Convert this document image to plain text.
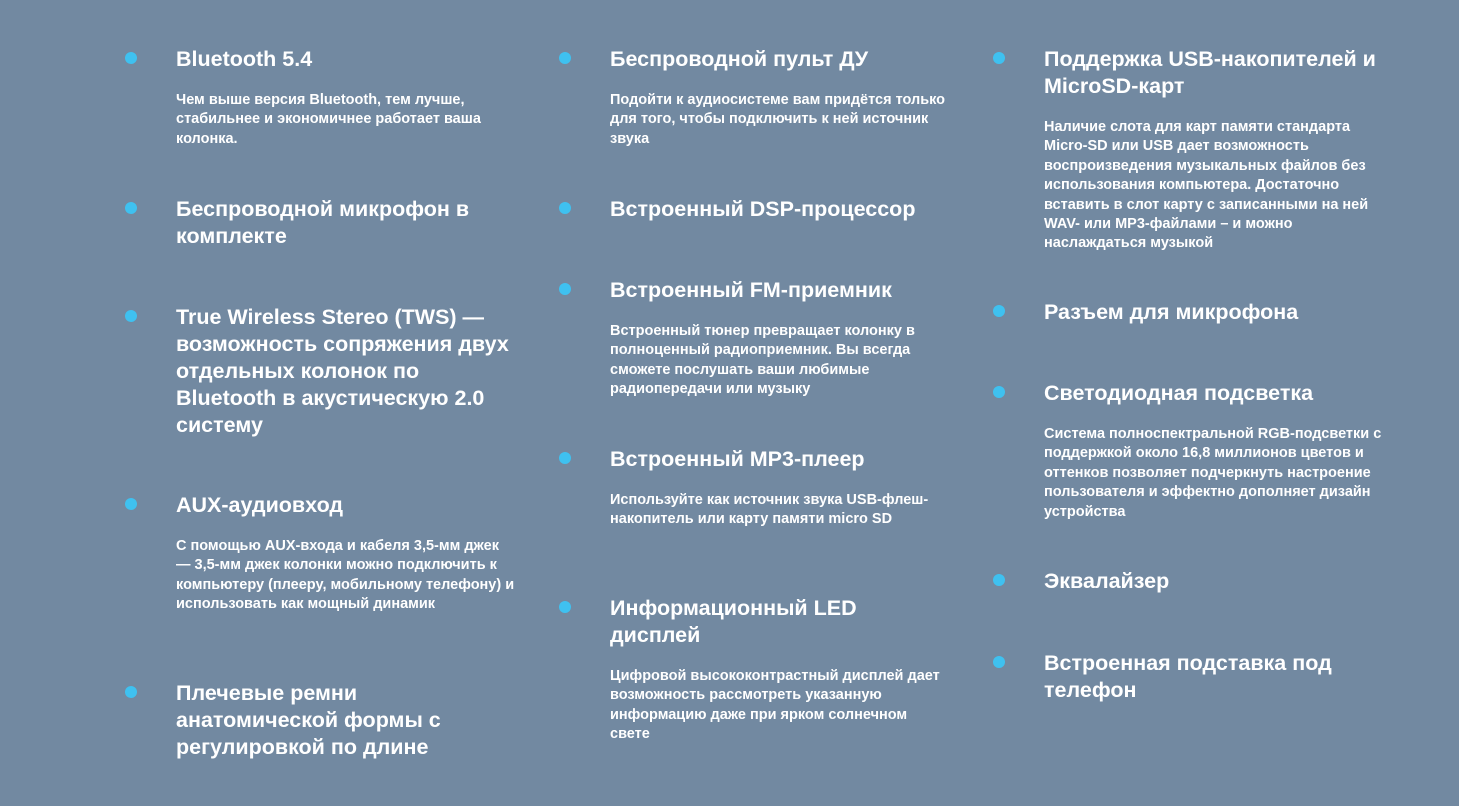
Bluetooth 5.4

Чем выше версия Bluetooth, тем лучше, стабильнее и экономичнее работает ваша колонка.

Беспроводной микрофон в комплекте
True Wireless Stereo (TWS) — возможность сопряжения двух отдельных колонок по Bluetooth в акустическую 2.0 систему
AUX-аудиовход

С помощью AUX-входа и кабеля 3,5-мм джек — 3,5-мм джек колонки можно подключить к компьютеру (плееру, мобильному телефону) и использовать как мощный динамик

Плечевые ремни анатомической формы с регулировкой по длине
Беспроводной пульт ДУ

Подойти к аудиосистеме вам придётся только для того, чтобы подключить к ней источник звука

Встроенный DSP-процессор
Встроенный FM-приемник

Встроенный тюнер превращает колонку в полноценный радиоприемник. Вы всегда сможете послушать ваши любимые радиопередачи или музыку

Встроенный MP3-плеер

Используйте как источник звука USB-флеш-накопитель или карту памяти micro SD

Информационный LED дисплей

Цифровой высококонтрастный дисплей дает возможность рассмотреть указанную информацию даже при ярком солнечном свете

Поддержка USB-накопителей и MicroSD-карт

Наличие слота для карт памяти стандарта Micro-SD или USB дает возможность воспроизведения музыкальных файлов без использования компьютера. Достаточно вставить в слот карту с записанными на ней WAV- или MP3-файлами – и можно наслаждаться музыкой

Разъем для микрофона
Светодиодная подсветка

Система полноспектральной RGB-подсветки с поддержкой около 16,8 миллионов цветов и оттенков позволяет подчеркнуть настроение пользователя и эффектно дополняет дизайн устройства

Эквалайзер
Встроенная подставка под телефон
